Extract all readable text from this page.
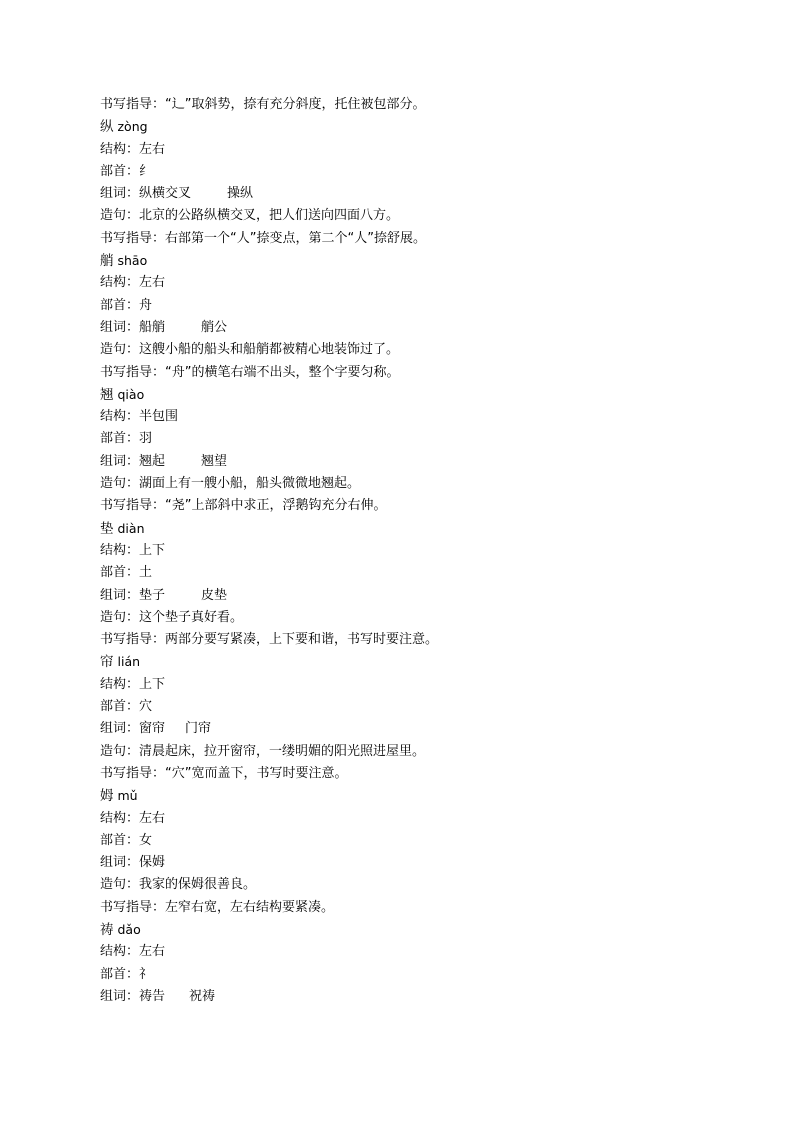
书写指导：“辶”取斜势，捺有充分斜度，托住被包部分。
纵 zòng
结构：左右
部首：纟
组词：纵横交叉	操纵
造句：北京的公路纵横交叉，把人们送向四面八方。
书写指导：右部第一个“人”捺变点，第二个“人”捺舒展。
艄 shāo
结构：左右
部首：舟
组词：船艄	艄公
造句：这艘小船的船头和船艄都被精心地装饰过了。
书写指导：“舟”的横笔右端不出头，整个字要匀称。
翘 qiào
结构：半包围
部首：羽
组词：翘起	翘望
造句：湖面上有一艘小船，船头微微地翘起。
书写指导：“尧”上部斜中求正，浮鹅钩充分右伸。
垫 diàn
结构：上下
部首：土
组词：垫子	皮垫
造句：这个垫子真好看。
书写指导：两部分要写紧凑，上下要和谐，书写时要注意。
帘 lián
结构：上下
部首：穴
组词：窗帘 门帘
造句：清晨起床，拉开窗帘，一缕明媚的阳光照进屋里。
书写指导：“穴”宽而盖下，书写时要注意。
姆 mǔ
结构：左右
部首：女
组词：保姆
造句：我家的保姆很善良。
书写指导：左窄右宽，左右结构要紧凑。
祷 dǎo
结构：左右
部首：礻
组词：祷告 祝祷
